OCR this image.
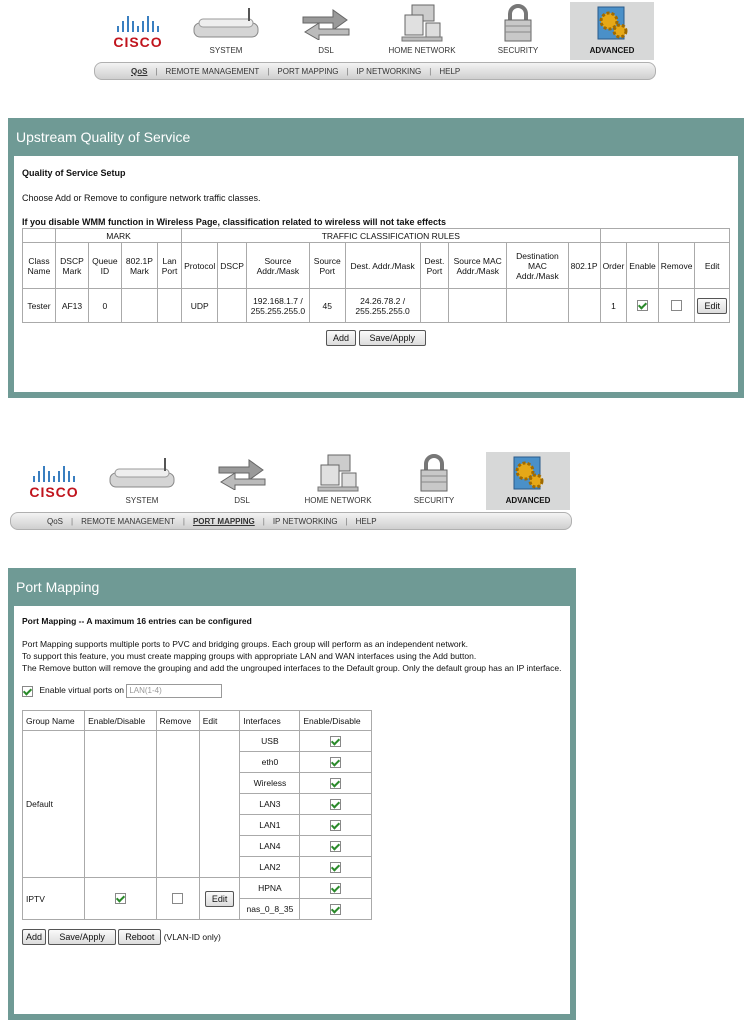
CISCO
SYSTEM	DSL	HOME NETWORK	SECURITY	ADVANCED
QoS	|	REMOTE MANAGEMENT	|	PORT MAPPING	|	IP NETWORKING	|	HELP
Upstream Quality of Service
Quality of Service Setup
Choose Add or Remove to configure network traffic classes.
If you disable WMM function in Wireless Page, classification related to wireless will not take effects
	MARK				TRAFFIC CLASSIFICATION RULES												
Class Name	DSCP Mark	Queue ID	802.1P Mark	Lan Port	Protocol	DSCP	Source Addr./Mask	Source Port	Dest. Addr./Mask	Dest. Port	Source MAC Addr./Mask	Destination MAC Addr./Mask	802.1P	Order	Enable	Remove	Edit
Tester	AF13	0			UDP		192.168.1.7 / 255.255.255.0	45	24.26.78.2 / 255.255.255.0					1			Edit
Add Save/Apply
CISCO
SYSTEM	DSL	HOME NETWORK	SECURITY	ADVANCED
QoS	|	REMOTE MANAGEMENT	|	PORT MAPPING	|	IP NETWORKING	|	HELP
Port Mapping
Port Mapping -- A maximum 16 entries can be configured
Port Mapping supports multiple ports to PVC and bridging groups. Each group will perform as an independent network.
To support this feature, you must create mapping groups with appropriate LAN and WAN interfaces using the Add button.
The Remove button will remove the grouping and add the ungrouped interfaces to the Default group. Only the default group has an IP interface.
Enable virtual ports on LAN(1-4)
Group Name	Enable/Disable	Remove	Edit	Interfaces	Enable/Disable
Default				USB	
				eth0	
				Wireless	
				LAN3	
				LAN1	
				LAN4	
				LAN2	
IPTV			Edit	HPNA	
				nas_0_8_35	
Add Save/Apply Reboot (VLAN-ID only)
